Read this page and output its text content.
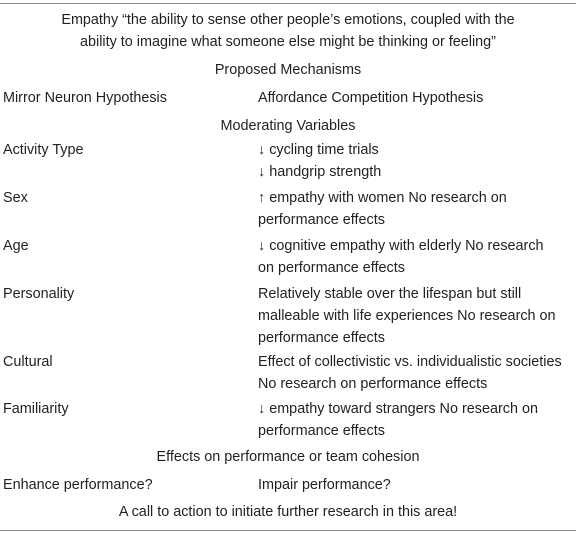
Empathy “the ability to sense other people’s emotions, coupled with the
ability to imagine what someone else might be thinking or feeling”
Proposed Mechanisms
Mirror Neuron Hypothesis	Affordance Competition Hypothesis
Moderating Variables
Activity Type	↓ cycling time trials
↓ handgrip strength
Sex	↑ empathy with women No research on
performance effects
Age	↓ cognitive empathy with elderly No research
on performance effects
Personality	Relatively stable over the lifespan but still
malleable with life experiences No research on
performance effects
Cultural	Effect of collectivistic vs. individualistic societies
No research on performance effects
Familiarity	↓ empathy toward strangers No research on
performance effects
Effects on performance or team cohesion
Enhance performance?	Impair performance?
A call to action to initiate further research in this area!
